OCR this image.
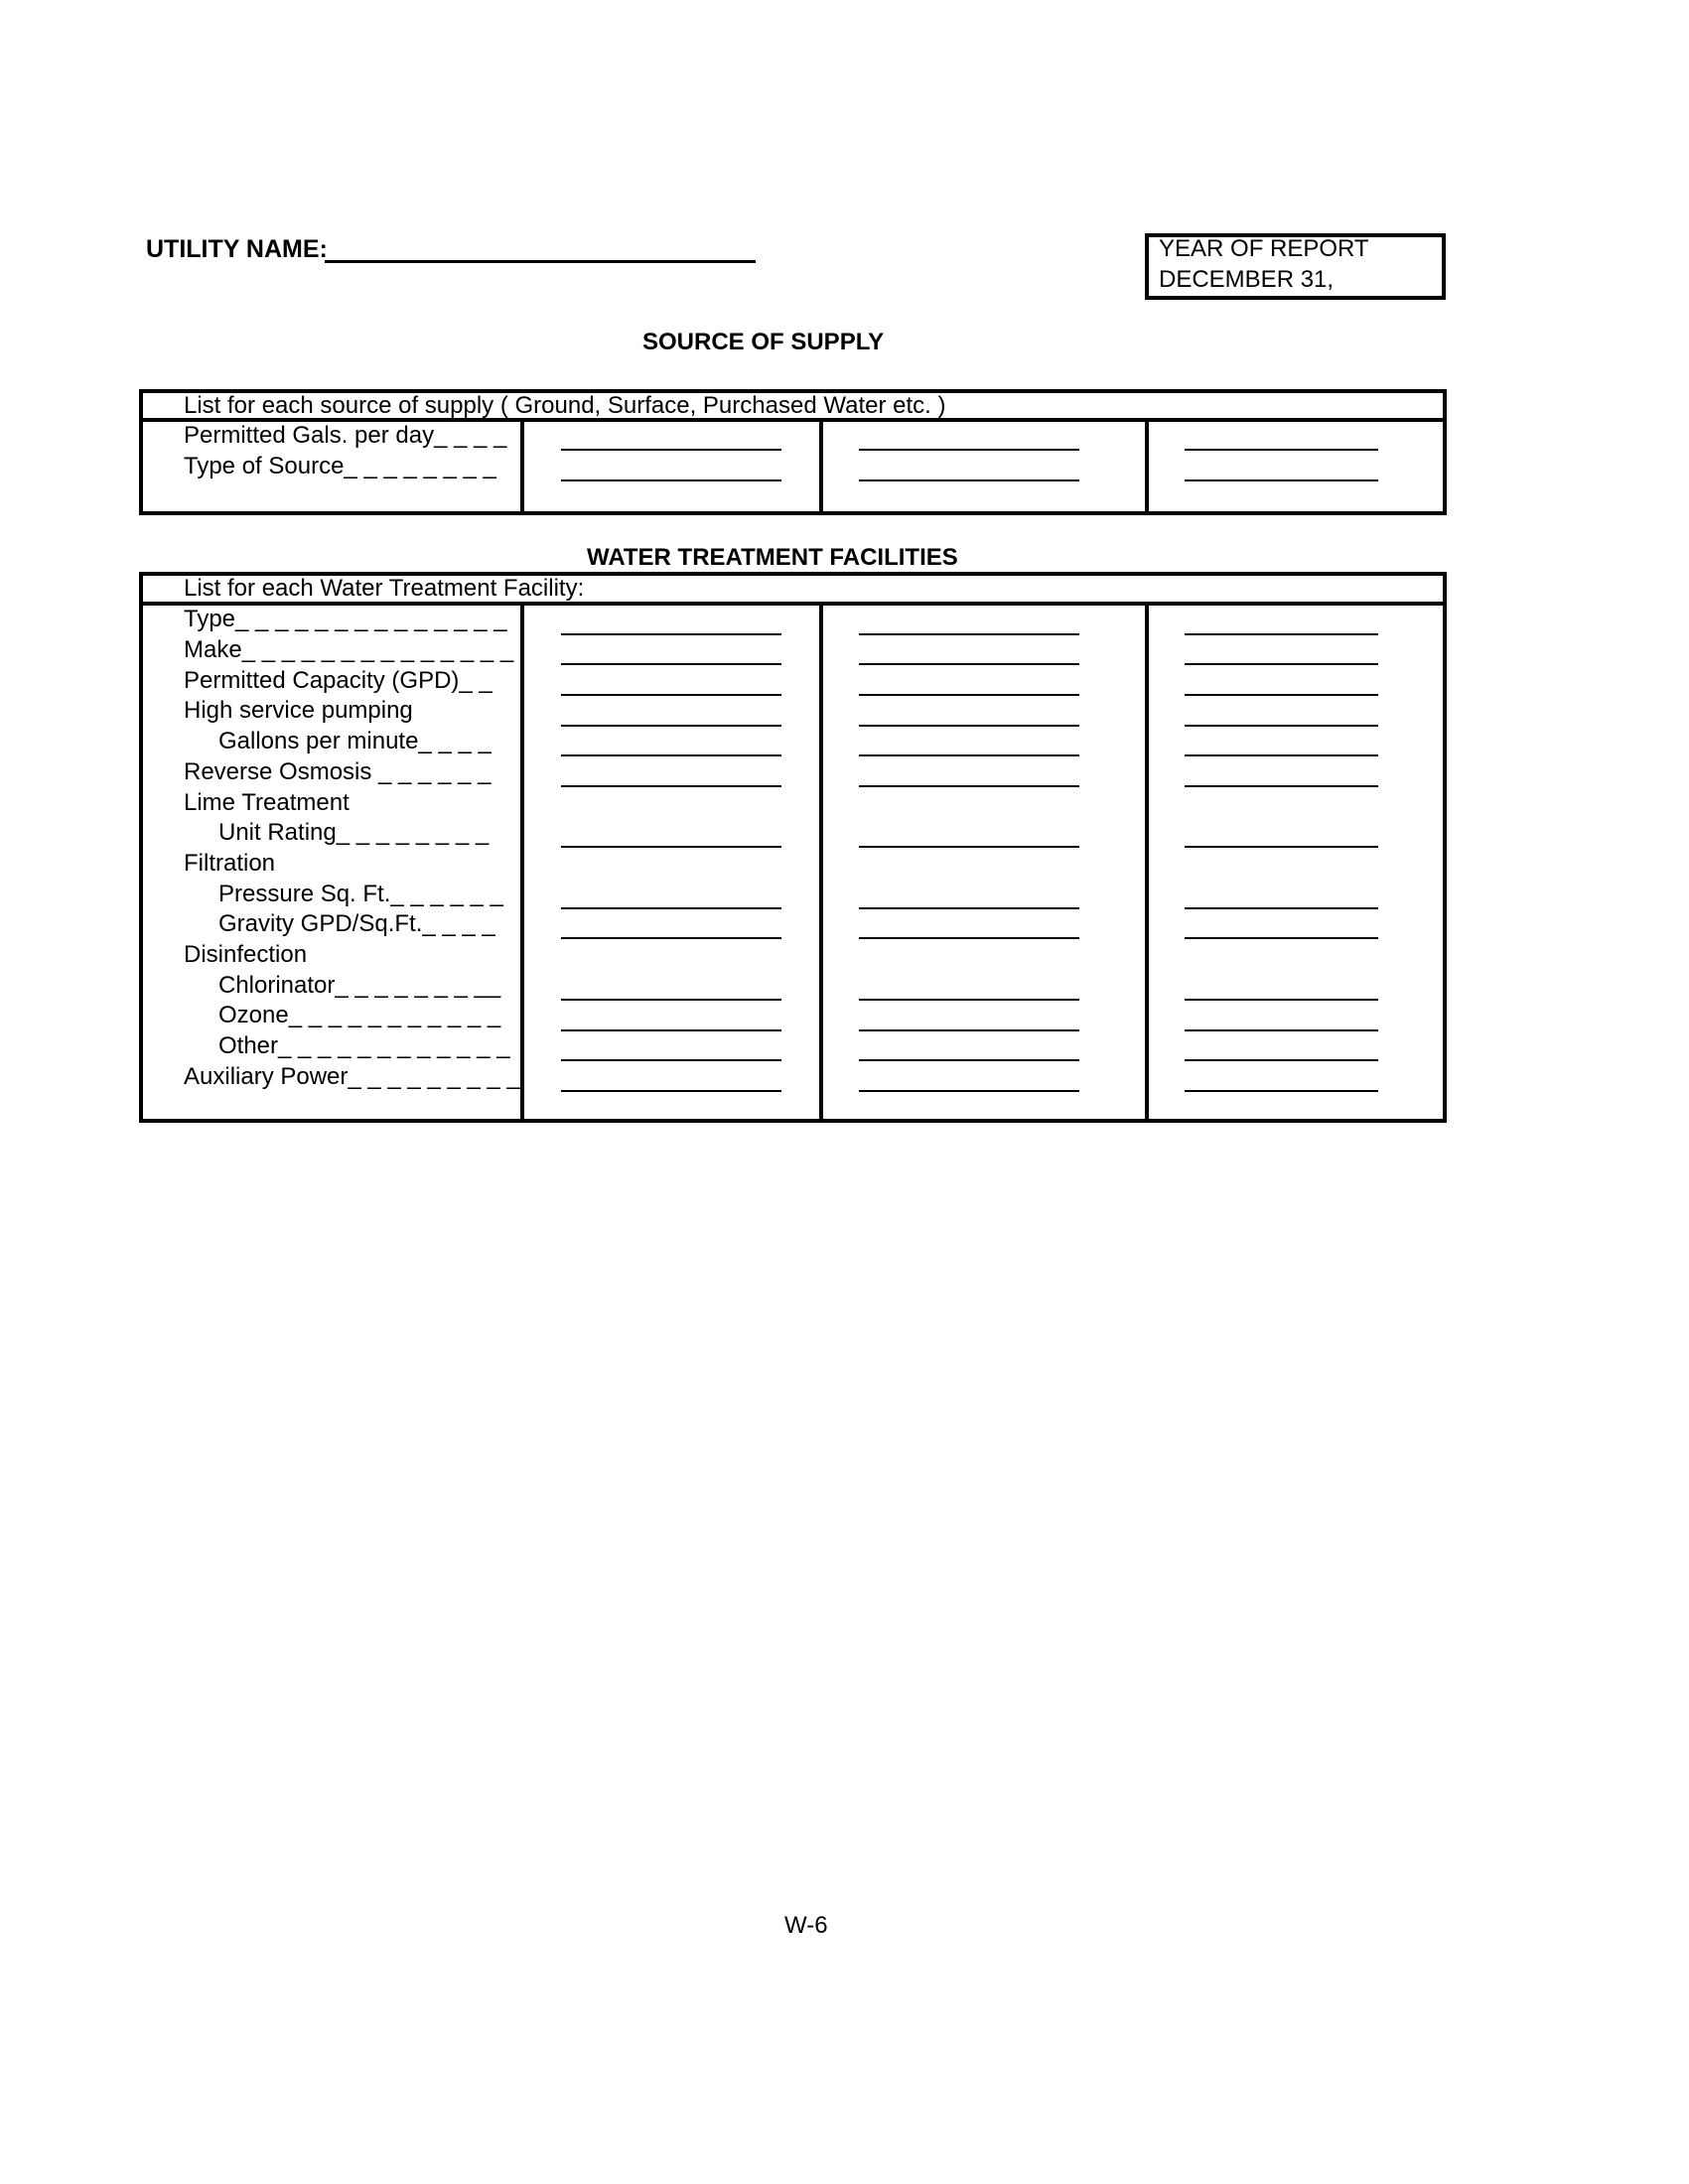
UTILITY NAME:	YEAR OF REPORT
DECEMBER 31,
SOURCE OF SUPPLY
List for each source of supply ( Ground, Surface, Purchased Water etc. )
Permitted Gals. per day_ _ _ _
Type of Source_ _ _ _ _ _ _ _
WATER TREATMENT FACILITIES
List for each Water Treatment Facility:
Type_ _ _ _ _ _ _ _ _ _ _ _ _ _
Make_ _ _ _ _ _ _ _ _ _ _ _ _ _
Permitted Capacity (GPD)_ _
High service pumping
Gallons per minute_ _ _ _
Reverse Osmosis _ _ _ _ _ _
Lime Treatment
Unit Rating_ _ _ _ _ _ _ _
Filtration
Pressure Sq. Ft._ _ _ _ _ _
Gravity GPD/Sq.Ft._ _ _ _
Disinfection
Chlorinator_ _ _ _ _ _ _ __
Ozone_ _ _ _ _ _ _ _ _ _ _
Other_ _ _ _ _ _ _ _ _ _ _ _
Auxiliary Power_ _ _ _ _ _ _ _ _
W-6
